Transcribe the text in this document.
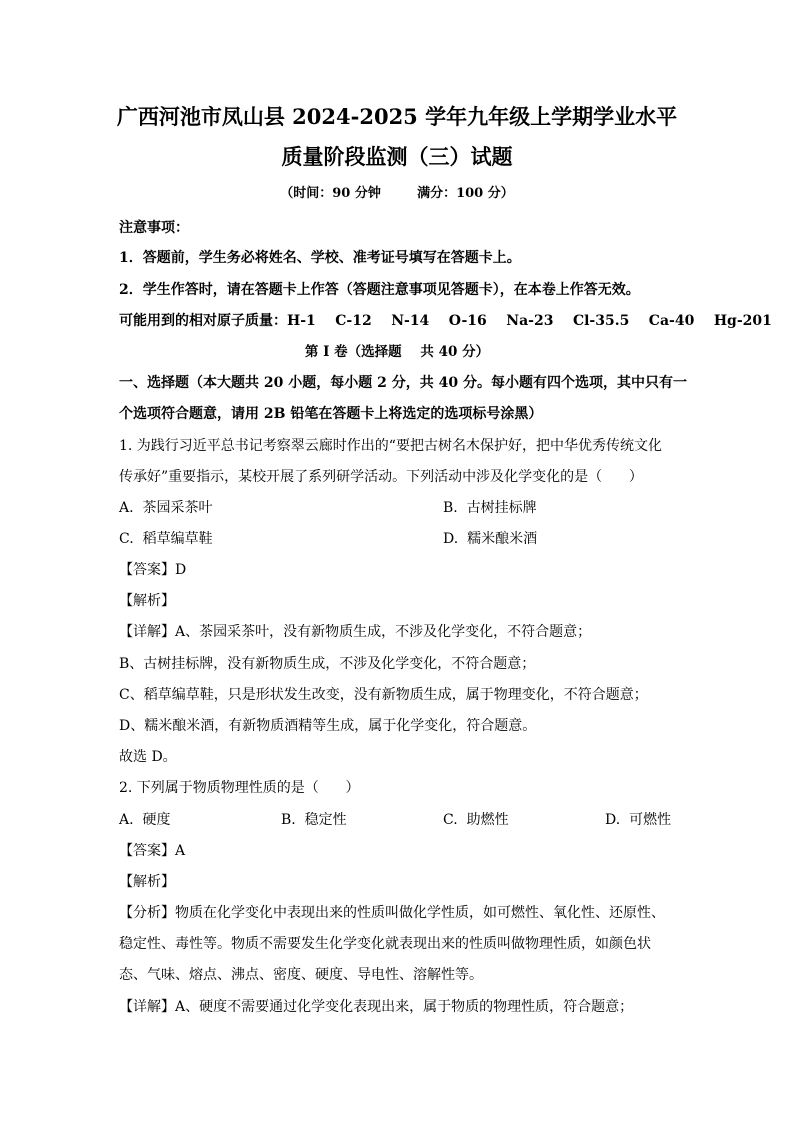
广西河池市凤山县 2024-2025 学年九年级上学期学业水平
质量阶段监测（三）试题
（时间：90 分钟        满分：100 分）
注意事项：
1．答题前，学生务必将姓名、学校、准考证号填写在答题卡上。
2．学生作答时，请在答题卡上作答（答题注意事项见答题卡），在本卷上作答无效。
可能用到的相对原子质量：H-1    C-12    N-14    O-16    Na-23    Cl-35.5    Ca-40    Hg-201
第 I 卷（选择题    共 40 分）
一、选择题（本大题共 20 小题，每小题 2 分，共 40 分。每小题有四个选项，其中只有一
个选项符合题意，请用 2B 铅笔在答题卡上将选定的选项标号涂黑）
1. 为践行习近平总书记考察翠云廊时作出的“要把古树名木保护好，把中华优秀传统文化
传承好”重要指示，某校开展了系列研学活动。下列活动中涉及化学变化的是（      ）
A.  茶园采茶叶	B.  古树挂标牌
C.  稻草编草鞋	D.  糯米酿米酒
【答案】D
【解析】
【详解】A、茶园采茶叶，没有新物质生成，不涉及化学变化，不符合题意；
B、古树挂标牌，没有新物质生成，不涉及化学变化，不符合题意；
C、稻草编草鞋，只是形状发生改变，没有新物质生成，属于物理变化，不符合题意；
D、糯米酿米酒，有新物质酒精等生成，属于化学变化，符合题意。
故选 D。
2. 下列属于物质物理性质的是（      ）
A.  硬度	B.  稳定性	C.  助燃性	D.  可燃性
【答案】A
【解析】
【分析】物质在化学变化中表现出来的性质叫做化学性质，如可燃性、氧化性、还原性、
稳定性、毒性等。物质不需要发生化学变化就表现出来的性质叫做物理性质，如颜色状
态、气味、熔点、沸点、密度、硬度、导电性、溶解性等。
【详解】A、硬度不需要通过化学变化表现出来，属于物质的物理性质，符合题意；
